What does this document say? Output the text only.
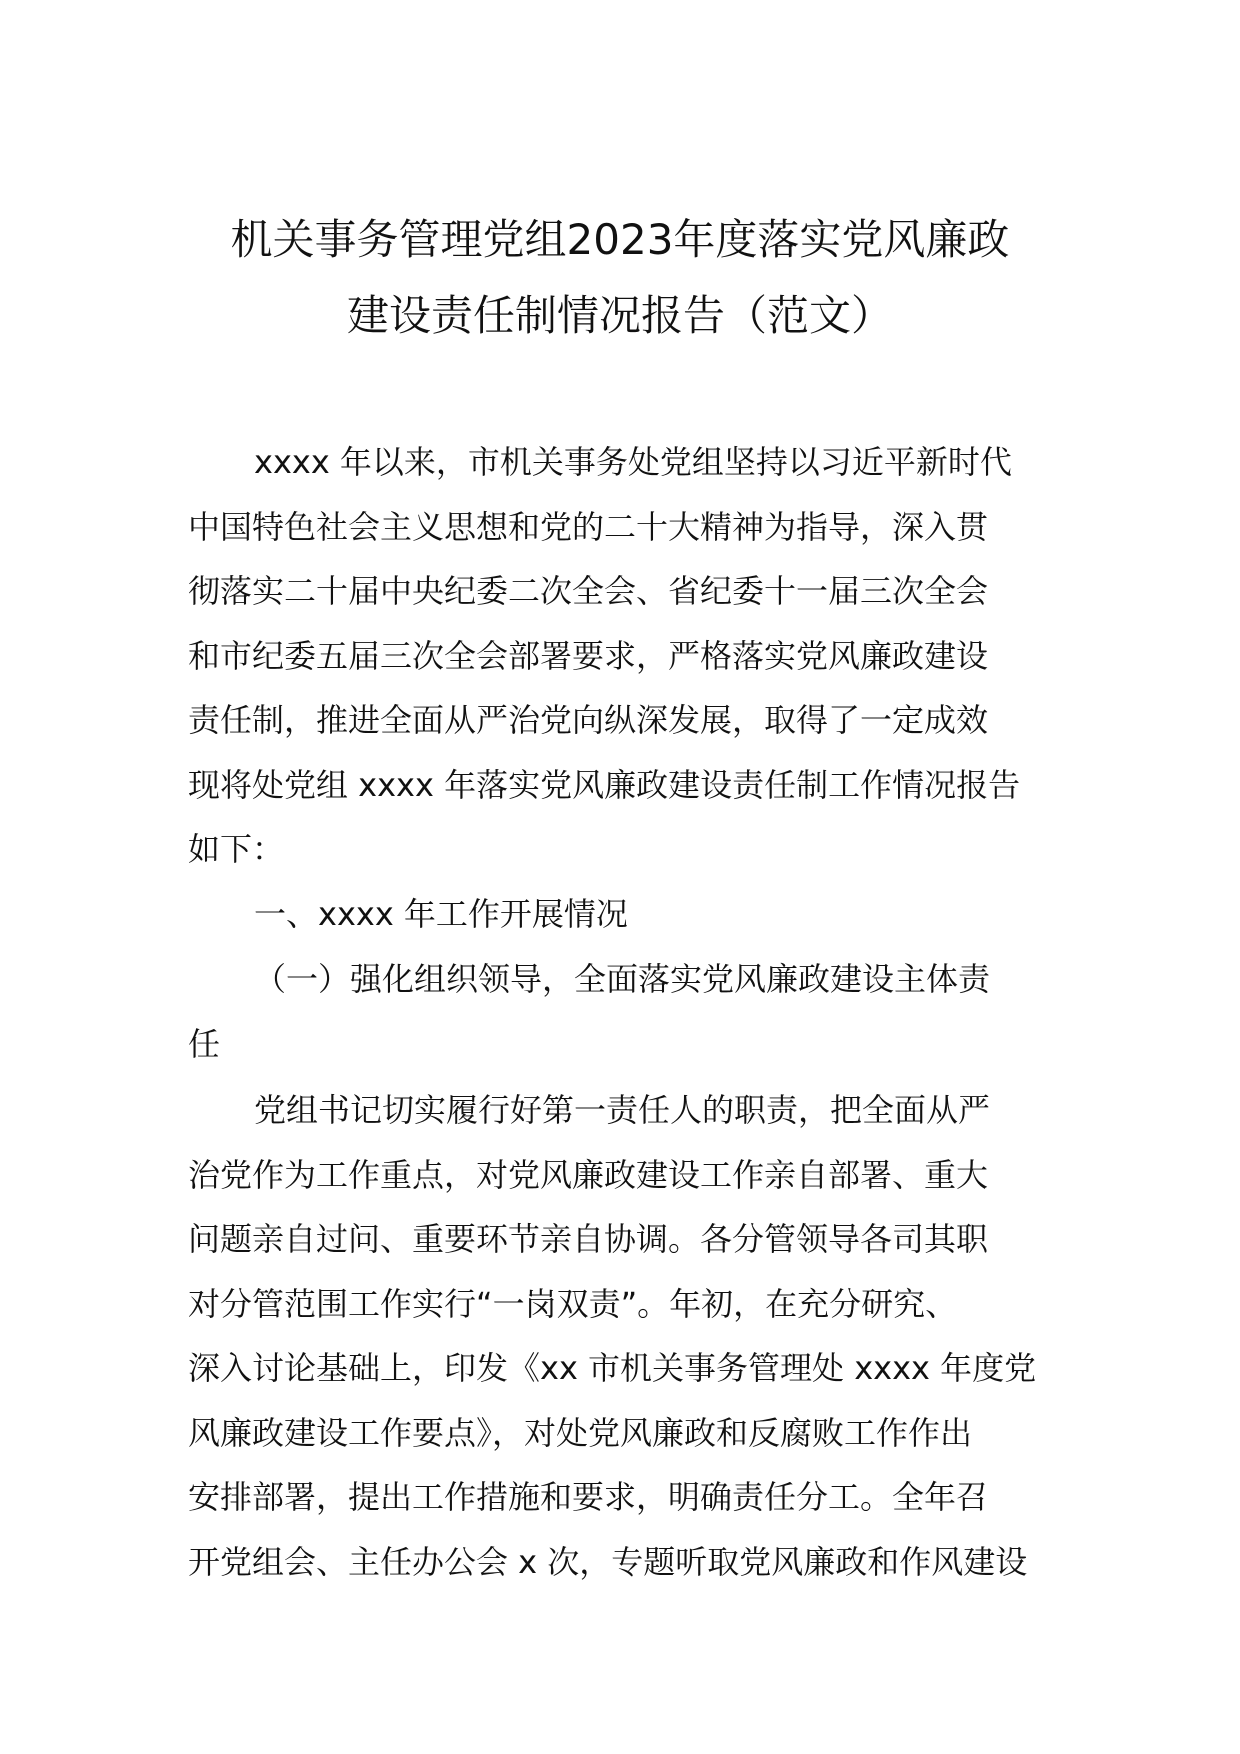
机关事务管理党组2023年度落实党风廉政
建设责任制情况报告（范文）
xxxx 年以来，市机关事务处党组坚持以习近平新时代
中国特色社会主义思想和党的二十大精神为指导，深入贯
彻落实二十届中央纪委二次全会、省纪委十一届三次全会
和市纪委五届三次全会部署要求，严格落实党风廉政建设
责任制，推进全面从严治党向纵深发展，取得了一定成效
现将处党组 xxxx 年落实党风廉政建设责任制工作情况报告
如下：
一、xxxx 年工作开展情况
（一）强化组织领导，全面落实党风廉政建设主体责
任
党组书记切实履行好第一责任人的职责，把全面从严
治党作为工作重点，对党风廉政建设工作亲自部署、重大
问题亲自过问、重要环节亲自协调。各分管领导各司其职
对分管范围工作实行“一岗双责”。年初，在充分研究、
深入讨论基础上，印发《xx 市机关事务管理处 xxxx 年度党
风廉政建设工作要点》，对处党风廉政和反腐败工作作出
安排部署，提出工作措施和要求，明确责任分工。全年召
开党组会、主任办公会 x 次，专题听取党风廉政和作风建设
